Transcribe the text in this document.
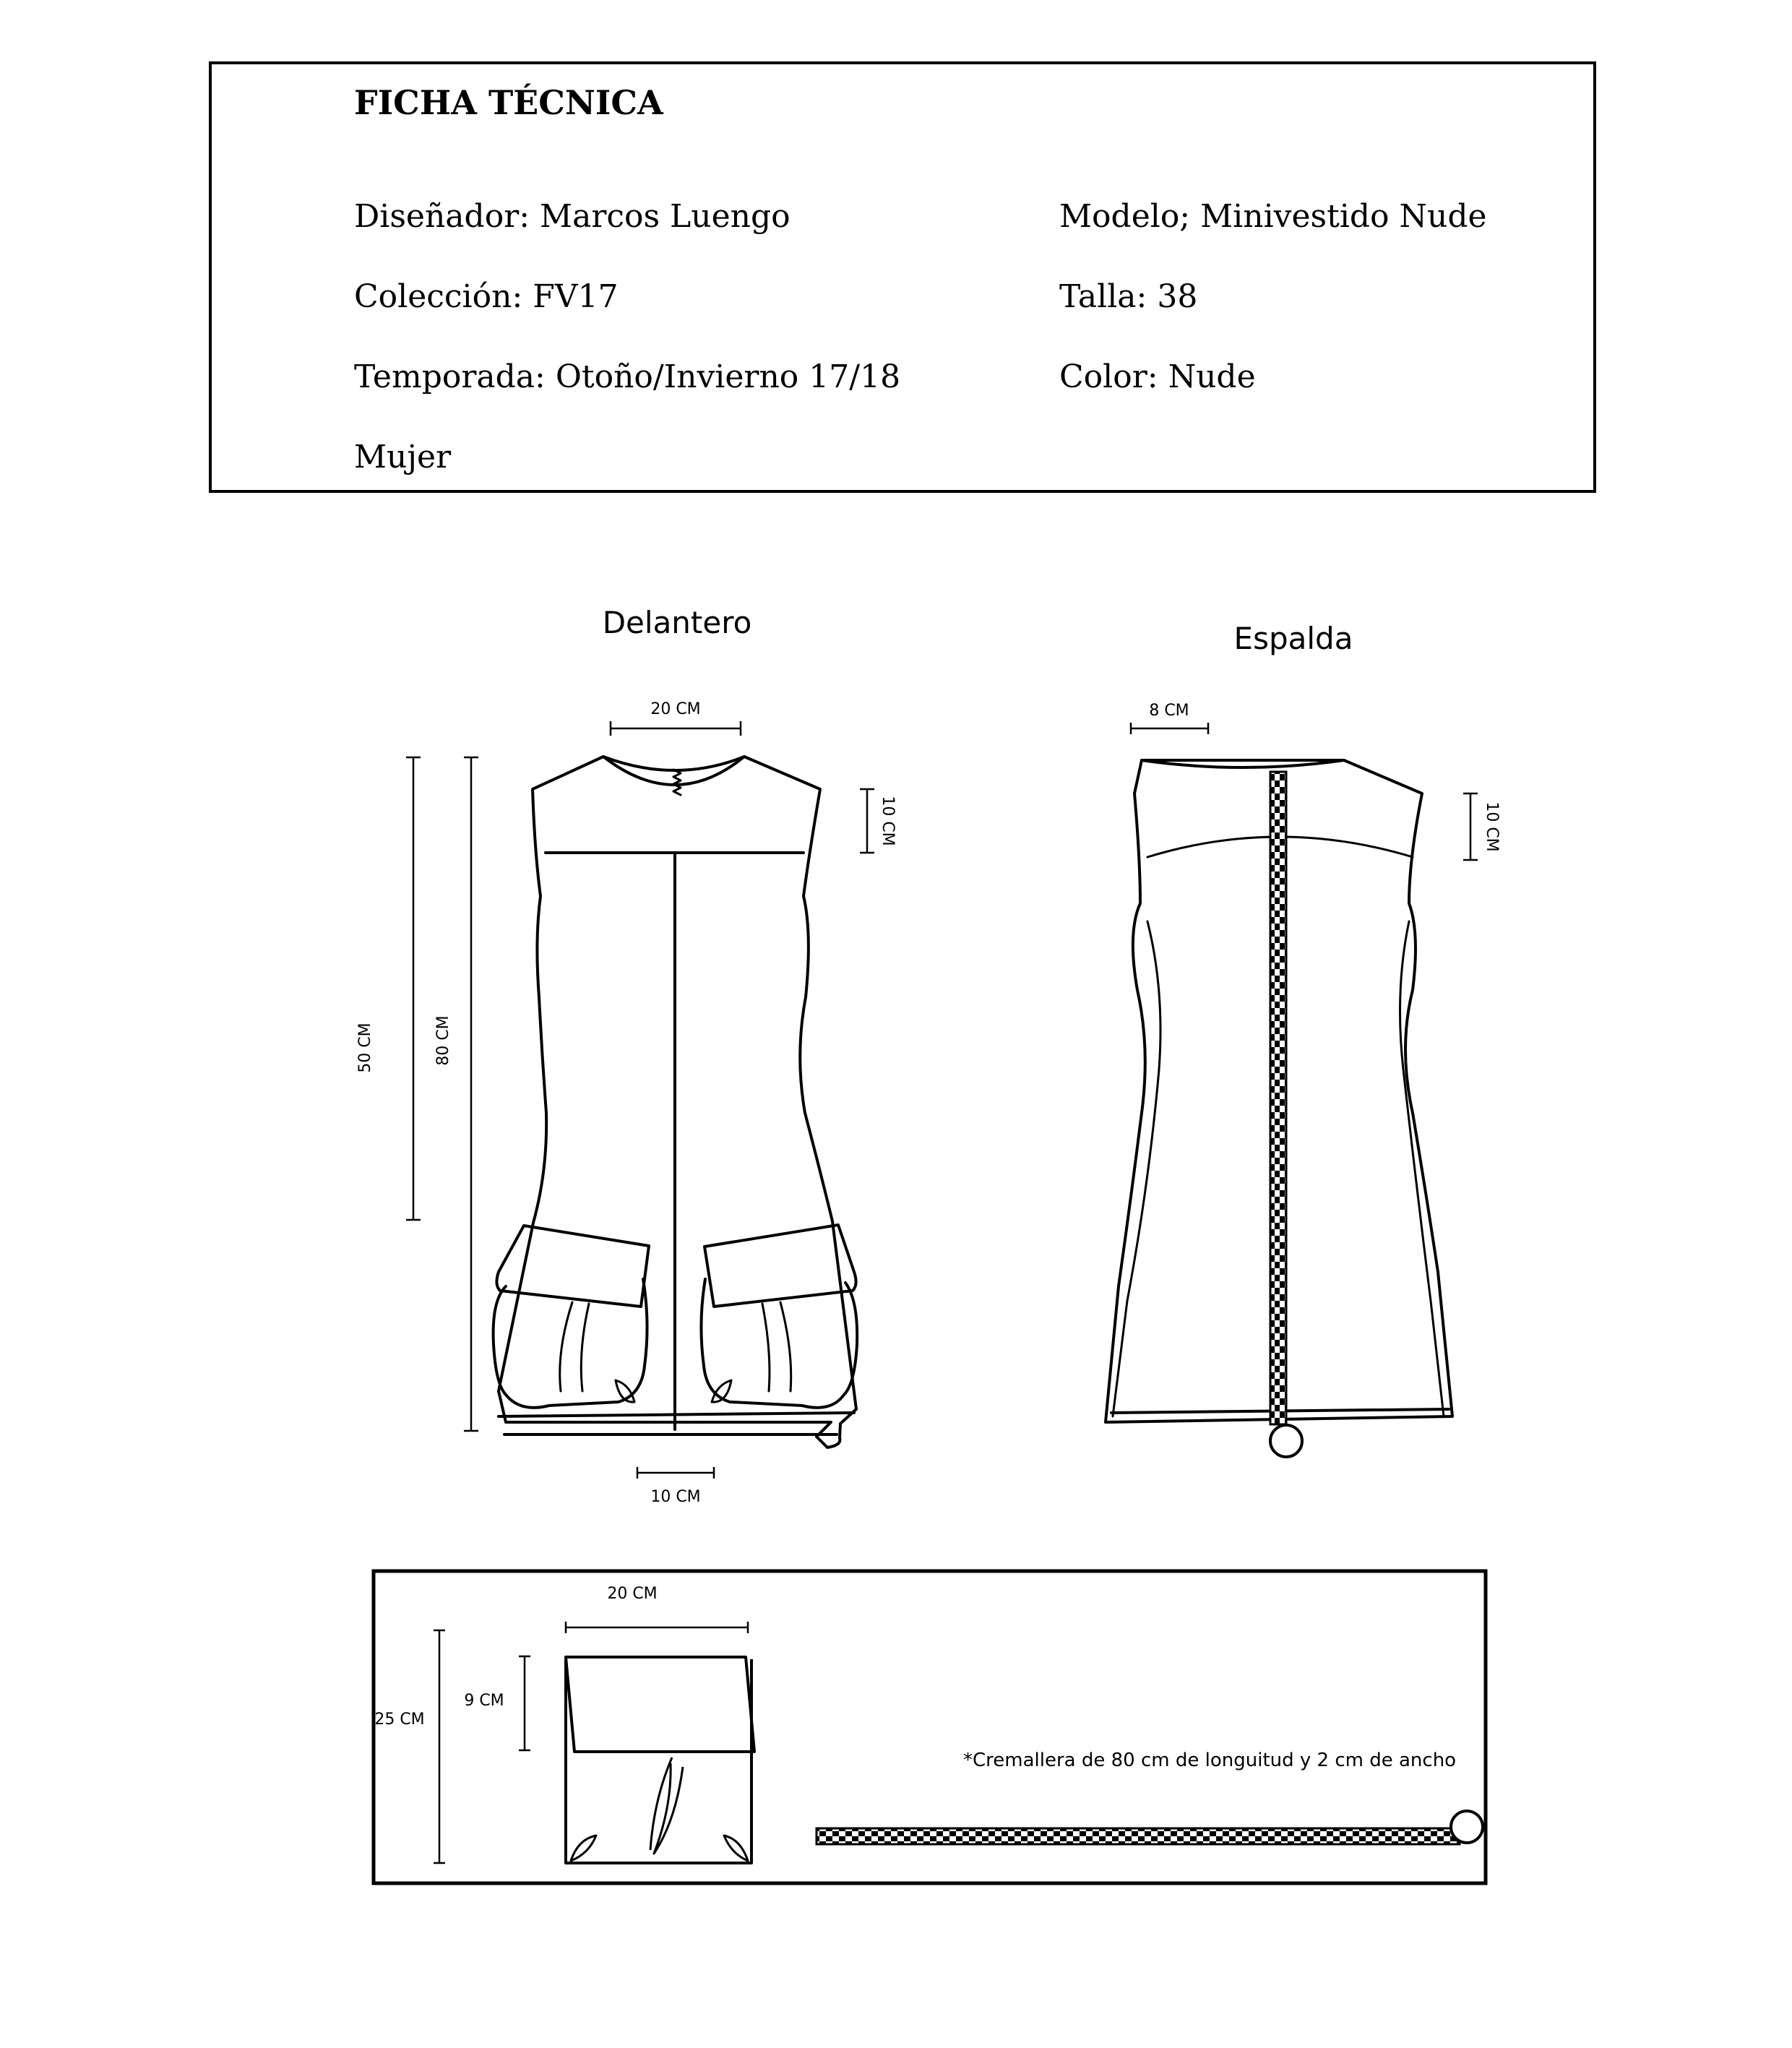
FICHA TÉCNICA
Diseñador: Marcos Luengo
Colección: FV17
Temporada: Otoño/Invierno 17/18
Mujer
Modelo; Minivestido Nude
Talla: 38
Color: Nude
Delantero	Espalda
20 CM
10 CM
50 CM	80 CM
10 CM
8 CM
10 CM
20 CM
9 CM
25 CM
*Cremallera de 80 cm de longuitud y 2 cm de ancho
